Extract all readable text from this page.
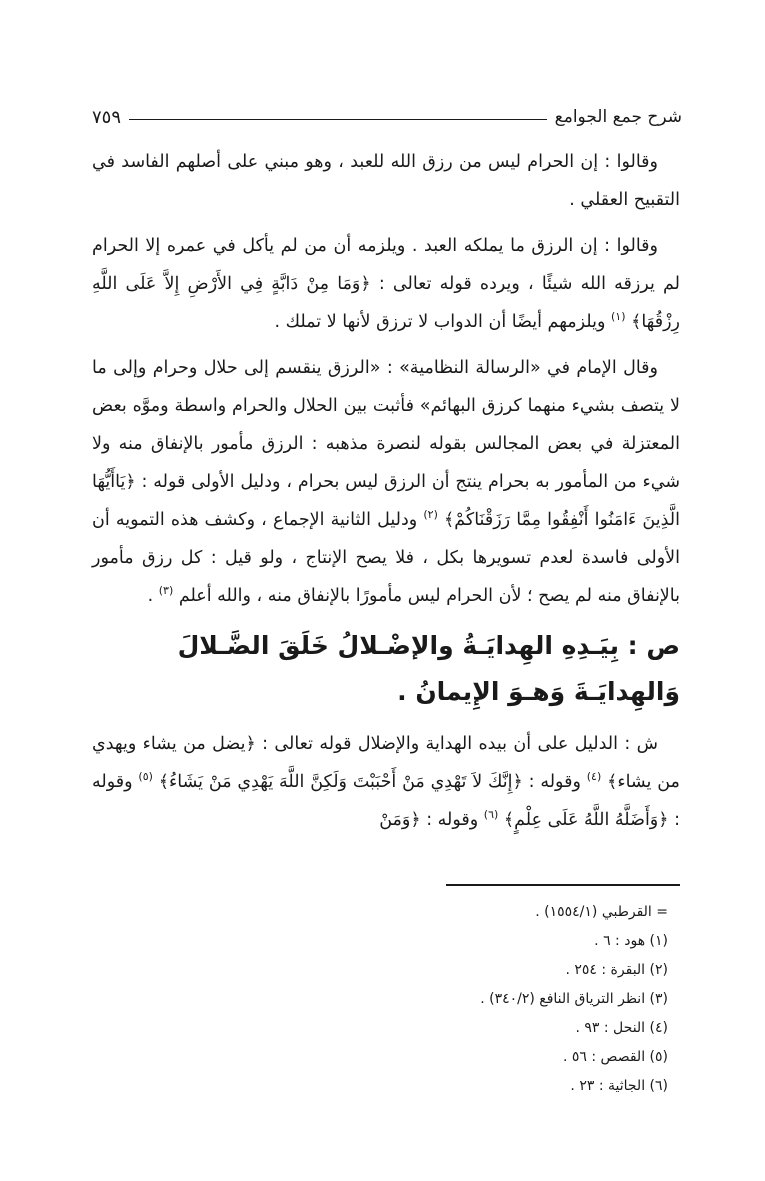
شرح جمع الجوامع
٧٥٩

وقالوا : إن الحرام ليس من رزق الله للعبد ، وهو مبني على أصلهم الفاسد في التقبيح العقلي .

وقالوا : إن الرزق ما يملكه العبد . ويلزمه أن من لم يأكل في عمره إلا الحرام لم يرزقه الله شيئًا ، ويرده قوله تعالى : ﴿وَمَا مِنْ دَابَّةٍ فِي الأَرْضِ إِلاَّ عَلَى اللَّهِ رِزْقُهَا﴾ $^{(١)}$ ويلزمهم أيضًا أن الدواب لا ترزق لأنها لا تملك .

وقال الإمام في «الرسالة النظامية» : «الرزق ينقسم إلى حلال وحرام وإلى ما لا يتصف بشيء منهما كرزق البهائم» فأثبت بين الحلال والحرام واسطة وموَّه بعض المعتزلة في بعض المجالس بقوله لنصرة مذهبه : الرزق مأمور بالإنفاق منه ولا شيء من المأمور به بحرام ينتج أن الرزق ليس بحرام ، ودليل الأولى قوله : ﴿يَاأَيُّهَا الَّذِينَ ءَامَنُوا أَنْفِقُوا مِمَّا رَزَقْنَاكُمْ﴾ $^{(٢)}$ ودليل الثانية الإجماع ، وكشف هذه التمويه أن الأولى فاسدة لعدم تسويرها بكل ، فلا يصح الإنتاج ، ولو قيل : كل رزق مأمور بالإنفاق منه لم يصح ؛ لأن الحرام ليس مأمورًا بالإنفاق منه ، والله أعلم $^{(٣)}$ .

ص : بِيَـدِهِ الهِدايَـةُ والإضْـلالُ خَلَقَ الضَّـلالَ وَالهِدايَـةَ وَهـوَ الإِيمانُ .

ش : الدليل على أن بيده الهداية والإضلال قوله تعالى : ﴿يضل من يشاء ويهدي من يشاء﴾ $^{(٤)}$ وقوله : ﴿إِنَّكَ لاَ تَهْدِي مَنْ أَحْبَبْتَ وَلَكِنَّ اللَّهَ يَهْدِي مَنْ يَشَاءُ﴾ $^{(٥)}$ وقوله : ﴿وَأَضَلَّهُ اللَّهُ عَلَى عِلْمٍ﴾ $^{(٦)}$ وقوله : ﴿وَمَنْ

= القرطبي (١٥٥٤/١) .

(١) هود : ٦ .

(٢) البقرة : ٢٥٤ .

(٣) انظر الترياق النافع (٣٤٠/٢) .

(٤) النحل : ٩٣ .

(٥) القصص : ٥٦ .

(٦) الجاثية : ٢٣ .
